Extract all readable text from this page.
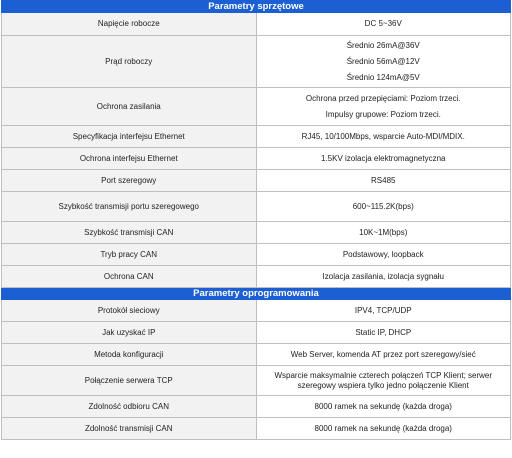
Parametry sprzętowe	
Napięcie robocze	DC 5~36V

Prąd roboczy	Średnio 26mA@36V
Średnio 56mA@12V
Średnio 124mA@5V

Ochrona zasilania	Ochrona przed przepięciami: Poziom trzeci.
Impulsy grupowe: Poziom trzeci.

Specyfikacja interfejsu Ethernet	RJ45, 10/100Mbps, wsparcie Auto-MDI/MDIX.

Ochrona interfejsu Ethernet	1.5KV izolacja elektromagnetyczna

Port szeregowy	RS485

Szybkość transmisji portu szeregowego	600~115.2K(bps)

Szybkość transmisji CAN	10K~1M(bps)

Tryb pracy CAN	Podstawowy, loopback

Ochrona CAN	Izolacja zasilania, izolacja sygnału

Parametry oprogramowania	
Protokół sieciowy	IPV4, TCP/UDP

Jak uzyskać IP	Static IP, DHCP

Metoda konfiguracji	Web Server, komenda AT przez port szeregowy/sieć

Połączenie serwera TCP	Wsparcie maksymalnie czterech połączeń TCP Klient; serwer szeregowy wspiera tylko jedno połączenie Klient

Zdolność odbioru CAN	8000 ramek na sekundę (każda droga)

Zdolność transmisji CAN	8000 ramek na sekundę (każda droga)
